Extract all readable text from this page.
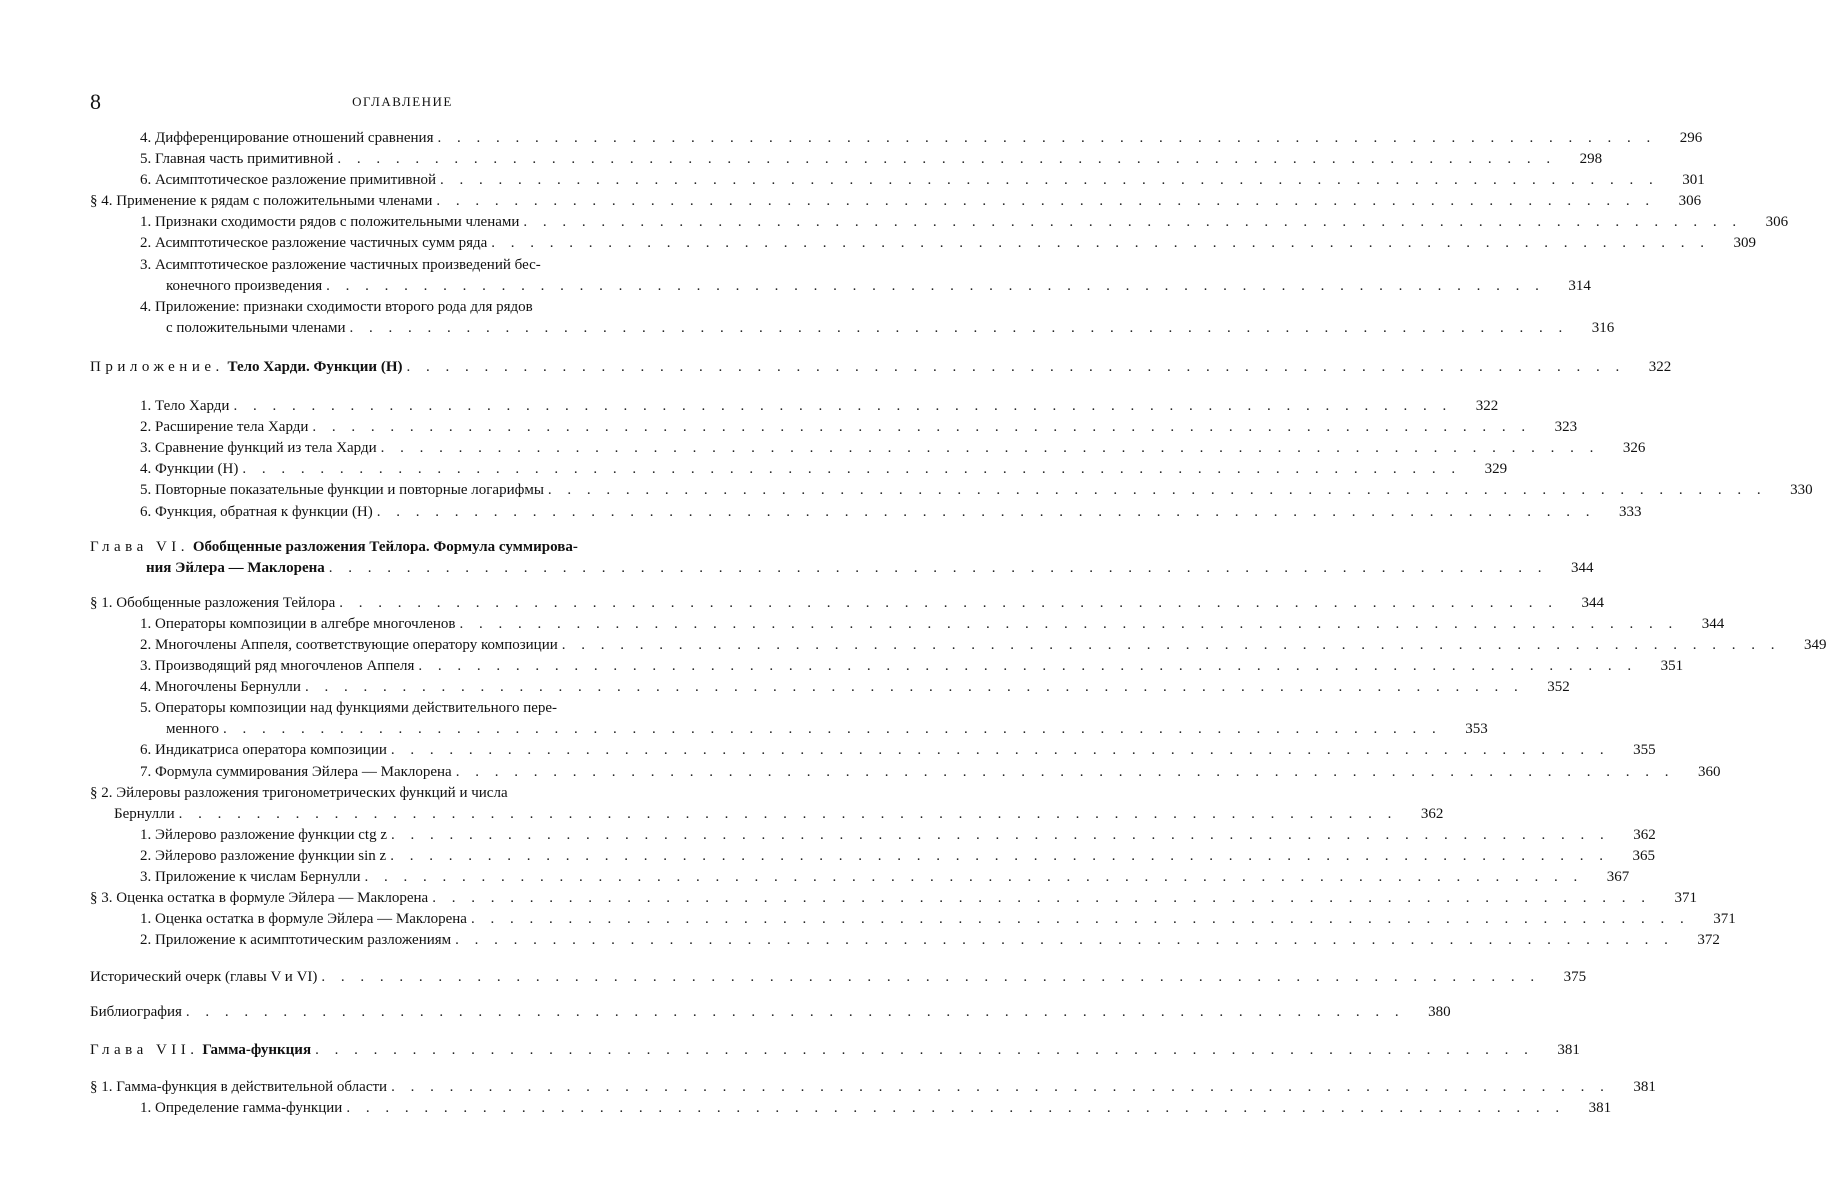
8	ОГЛАВЛЕНИЕ
4. Дифференцирование отношений сравнения . . . . . . . . . . . . . . . . . . . . . . . . . . . . . . . . . . . . . . . . . . . . . . . . . . . . . . . . . . . . . . .	296
5. Главная часть примитивной . . . . . . . . . . . . . . . . . . . . . . . . . . . . . . . . . . . . . . . . . . . . . . . . . . . . . . . . . . . . . . .	298
6. Асимптотическое разложение примитивной . . . . . . . . . . . . . . . . . . . . . . . . . . . . . . . . . . . . . . . . . . . . . . . . . . . . . . . . . . . . . . .	301
§ 4. Применение к рядам с положительными членами . . . . . . . . . . . . . . . . . . . . . . . . . . . . . . . . . . . . . . . . . . . . . . . . . . . . . . . . . . . . . . .	306
1. Признаки сходимости рядов с положительными членами . . . . . . . . . . . . . . . . . . . . . . . . . . . . . . . . . . . . . . . . . . . . . . . . . . . . . . . . . . . . . . .	306
2. Асимптотическое разложение частичных сумм ряда . . . . . . . . . . . . . . . . . . . . . . . . . . . . . . . . . . . . . . . . . . . . . . . . . . . . . . . . . . . . . . .	309
3. Асимптотическое разложение частичных произведений бес-
конечного произведения . . . . . . . . . . . . . . . . . . . . . . . . . . . . . . . . . . . . . . . . . . . . . . . . . . . . . . . . . . . . . . .	314
4. Приложение: признаки сходимости второго рода для рядов
с положительными членами . . . . . . . . . . . . . . . . . . . . . . . . . . . . . . . . . . . . . . . . . . . . . . . . . . . . . . . . . . . . . . .	316
Приложение. Тело Харди. Функции (H) . . . . . . . . . . . . . . . . . . . . . . . . . . . . . . . . . . . . . . . . . . . . . . . . . . . . . . . . . . . . . . .	322
1. Тело Харди . . . . . . . . . . . . . . . . . . . . . . . . . . . . . . . . . . . . . . . . . . . . . . . . . . . . . . . . . . . . . . .	322
2. Расширение тела Харди . . . . . . . . . . . . . . . . . . . . . . . . . . . . . . . . . . . . . . . . . . . . . . . . . . . . . . . . . . . . . . .	323
3. Сравнение функций из тела Харди . . . . . . . . . . . . . . . . . . . . . . . . . . . . . . . . . . . . . . . . . . . . . . . . . . . . . . . . . . . . . . .	326
4. Функции (H) . . . . . . . . . . . . . . . . . . . . . . . . . . . . . . . . . . . . . . . . . . . . . . . . . . . . . . . . . . . . . . .	329
5. Повторные показательные функции и повторные логарифмы . . . . . . . . . . . . . . . . . . . . . . . . . . . . . . . . . . . . . . . . . . . . . . . . . . . . . . . . . . . . . . .	330
6. Функция, обратная к функции (H) . . . . . . . . . . . . . . . . . . . . . . . . . . . . . . . . . . . . . . . . . . . . . . . . . . . . . . . . . . . . . . .	333
Глава VI. Обобщенные разложения Тейлора. Формула суммирова-
ния Эйлера — Маклорена . . . . . . . . . . . . . . . . . . . . . . . . . . . . . . . . . . . . . . . . . . . . . . . . . . . . . . . . . . . . . . .	344
§ 1. Обобщенные разложения Тейлора . . . . . . . . . . . . . . . . . . . . . . . . . . . . . . . . . . . . . . . . . . . . . . . . . . . . . . . . . . . . . . .	344
1. Операторы композиции в алгебре многочленов . . . . . . . . . . . . . . . . . . . . . . . . . . . . . . . . . . . . . . . . . . . . . . . . . . . . . . . . . . . . . . .	344
2. Многочлены Аппеля, соответствующие оператору композиции . . . . . . . . . . . . . . . . . . . . . . . . . . . . . . . . . . . . . . . . . . . . . . . . . . . . . . . . . . . . . . .	349
3. Производящий ряд многочленов Аппеля . . . . . . . . . . . . . . . . . . . . . . . . . . . . . . . . . . . . . . . . . . . . . . . . . . . . . . . . . . . . . . .	351
4. Многочлены Бернулли . . . . . . . . . . . . . . . . . . . . . . . . . . . . . . . . . . . . . . . . . . . . . . . . . . . . . . . . . . . . . . .	352
5. Операторы композиции над функциями действительного пере-
менного . . . . . . . . . . . . . . . . . . . . . . . . . . . . . . . . . . . . . . . . . . . . . . . . . . . . . . . . . . . . . . .	353
6. Индикатриса оператора композиции . . . . . . . . . . . . . . . . . . . . . . . . . . . . . . . . . . . . . . . . . . . . . . . . . . . . . . . . . . . . . . .	355
7. Формула суммирования Эйлера — Маклорена . . . . . . . . . . . . . . . . . . . . . . . . . . . . . . . . . . . . . . . . . . . . . . . . . . . . . . . . . . . . . . .	360
§ 2. Эйлеровы разложения тригонометрических функций и числа
Бернулли . . . . . . . . . . . . . . . . . . . . . . . . . . . . . . . . . . . . . . . . . . . . . . . . . . . . . . . . . . . . . . .	362
1. Эйлерово разложение функции ctg z . . . . . . . . . . . . . . . . . . . . . . . . . . . . . . . . . . . . . . . . . . . . . . . . . . . . . . . . . . . . . . .	362
2. Эйлерово разложение функции sin z . . . . . . . . . . . . . . . . . . . . . . . . . . . . . . . . . . . . . . . . . . . . . . . . . . . . . . . . . . . . . . .	365
3. Приложение к числам Бернулли . . . . . . . . . . . . . . . . . . . . . . . . . . . . . . . . . . . . . . . . . . . . . . . . . . . . . . . . . . . . . . .	367
§ 3. Оценка остатка в формуле Эйлера — Маклорена . . . . . . . . . . . . . . . . . . . . . . . . . . . . . . . . . . . . . . . . . . . . . . . . . . . . . . . . . . . . . . .	371
1. Оценка остатка в формуле Эйлера — Маклорена . . . . . . . . . . . . . . . . . . . . . . . . . . . . . . . . . . . . . . . . . . . . . . . . . . . . . . . . . . . . . . .	371
2. Приложение к асимптотическим разложениям . . . . . . . . . . . . . . . . . . . . . . . . . . . . . . . . . . . . . . . . . . . . . . . . . . . . . . . . . . . . . . .	372
Исторический очерк (главы V и VI) . . . . . . . . . . . . . . . . . . . . . . . . . . . . . . . . . . . . . . . . . . . . . . . . . . . . . . . . . . . . . . .	375
Библиография . . . . . . . . . . . . . . . . . . . . . . . . . . . . . . . . . . . . . . . . . . . . . . . . . . . . . . . . . . . . . . .	380
Глава VII. Гамма-функция . . . . . . . . . . . . . . . . . . . . . . . . . . . . . . . . . . . . . . . . . . . . . . . . . . . . . . . . . . . . . . .	381
§ 1. Гамма-функция в действительной области . . . . . . . . . . . . . . . . . . . . . . . . . . . . . . . . . . . . . . . . . . . . . . . . . . . . . . . . . . . . . . .	381
1. Определение гамма-функции . . . . . . . . . . . . . . . . . . . . . . . . . . . . . . . . . . . . . . . . . . . . . . . . . . . . . . . . . . . . . . .	381
